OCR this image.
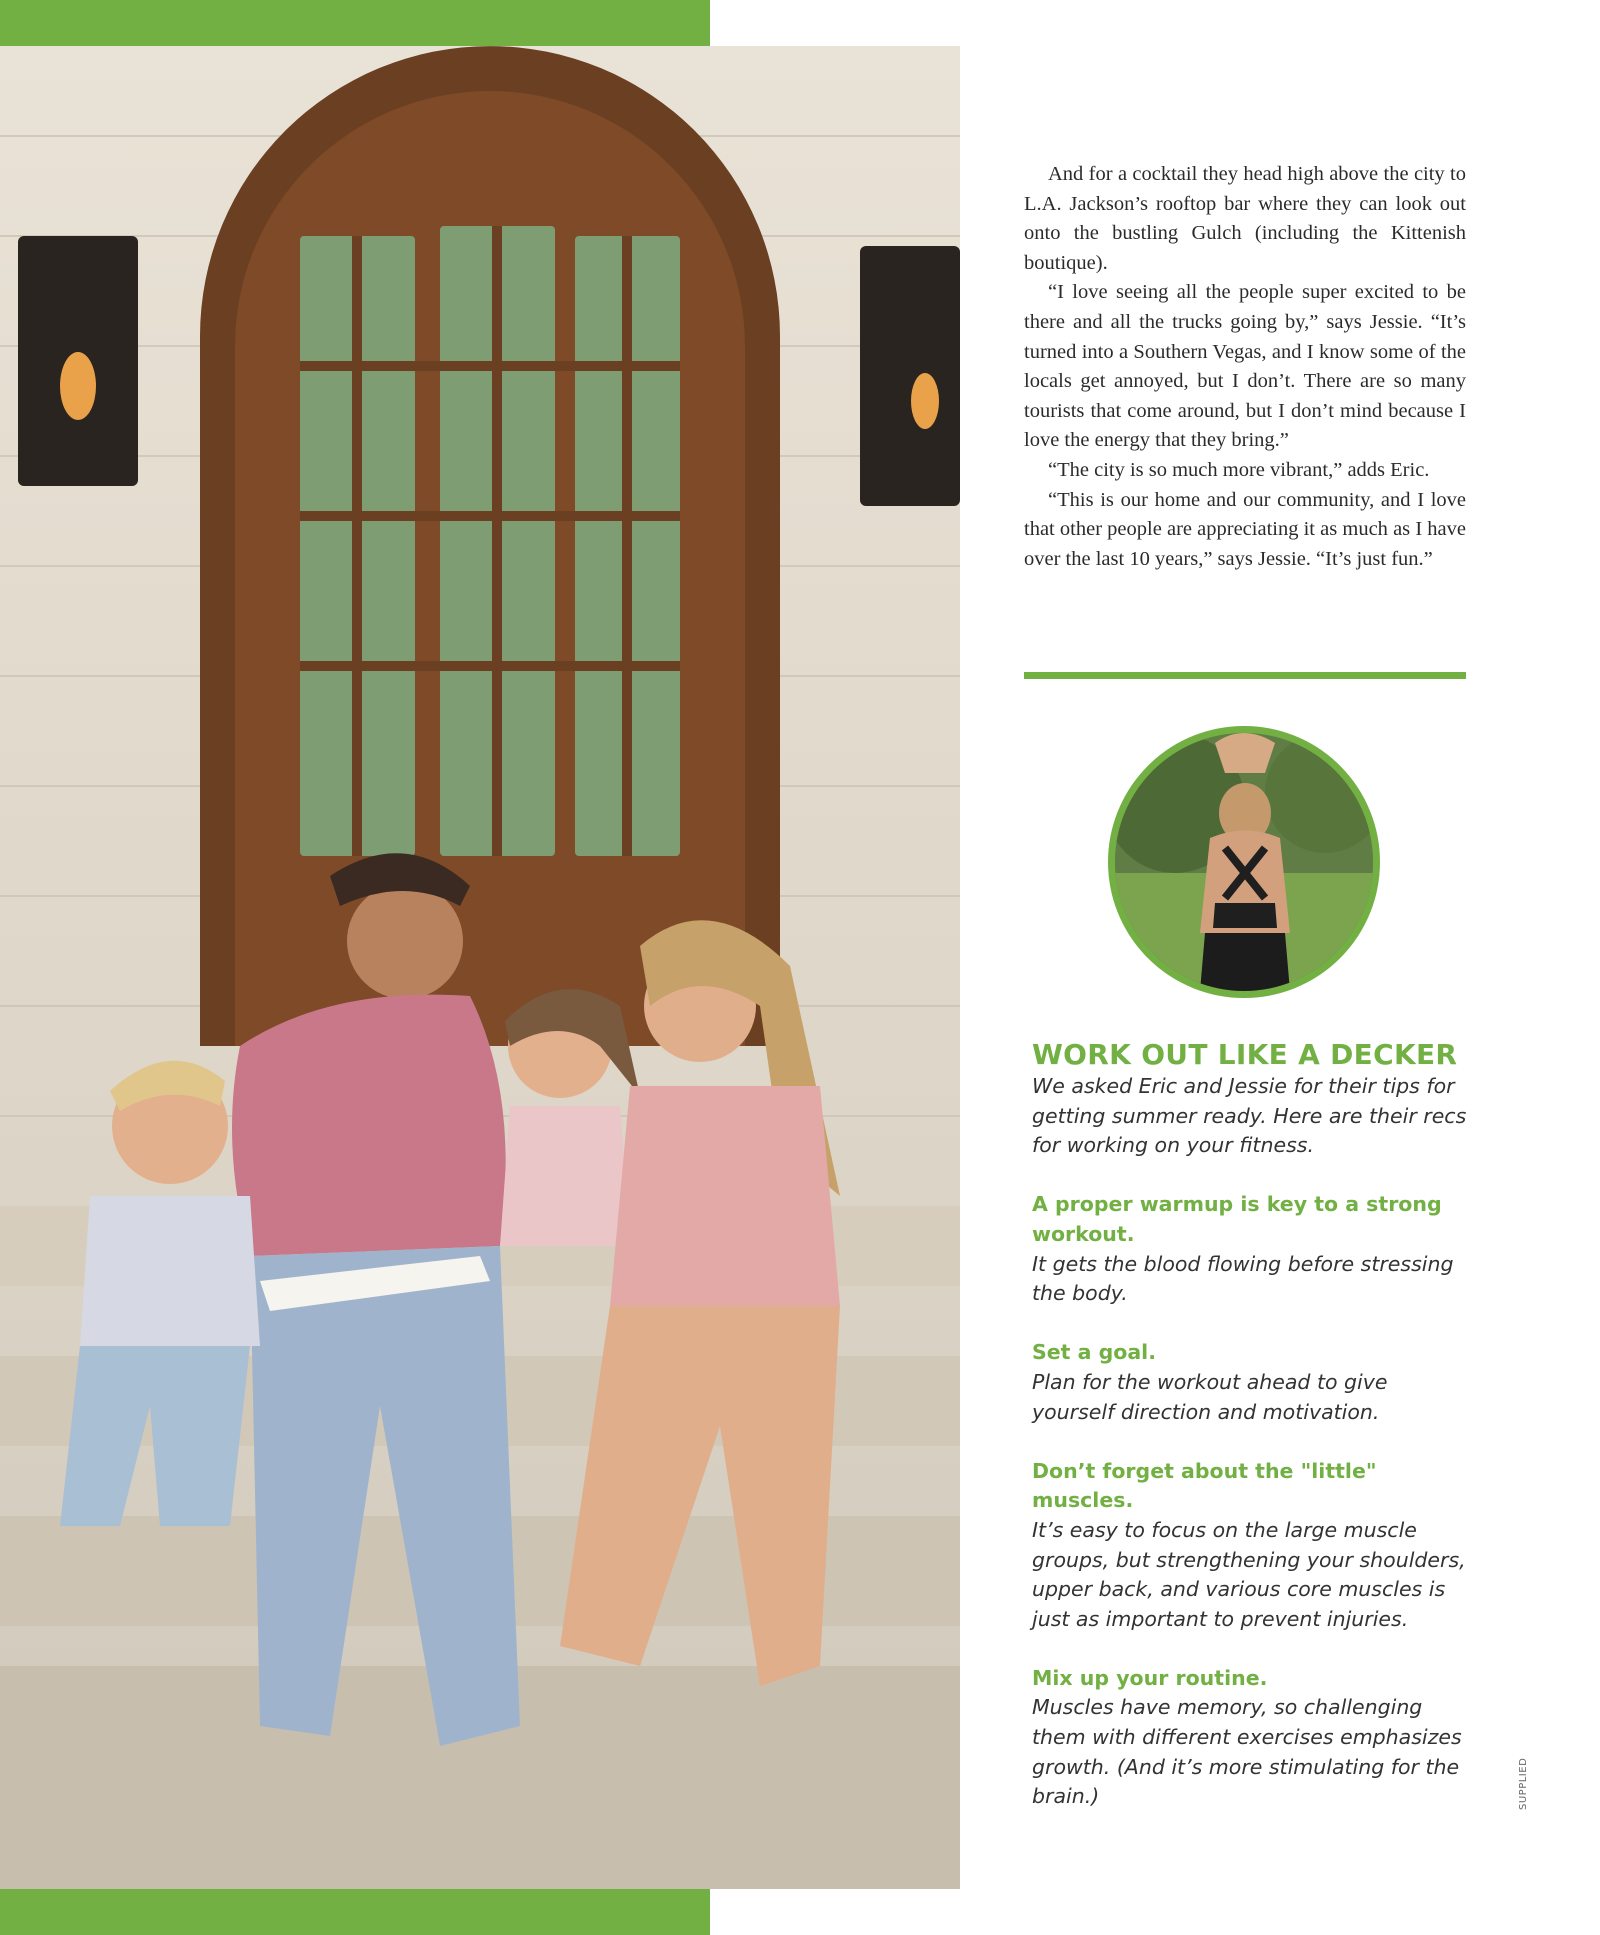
And for a cocktail they head high above the city to L.A. Jackson’s rooftop bar where they can look out onto the bustling Gulch (including the Kittenish boutique).

“I love seeing all the people super excited to be there and all the trucks going by,” says Jessie. “It’s turned into a Southern Vegas, and I know some of the locals get annoyed, but I don’t. There are so many tourists that come around, but I don’t mind because I love the energy that they bring.”

“The city is so much more vibrant,” adds Eric.

“This is our home and our community, and I love that other people are appreciating it as much as I have over the last 10 years,” says Jessie. “It’s just fun.”

WORK OUT LIKE A DECKER

We asked Eric and Jessie for their tips for getting summer ready. Here are their recs for working on your fitness.

A proper warmup is key to a strong workout.

It gets the blood flowing before stressing the body.

Set a goal.

Plan for the workout ahead to give yourself direction and motivation.

Don’t forget about the "little" muscles.

It’s easy to focus on the large muscle groups, but strengthening your shoulders, upper back, and various core muscles is just as important to prevent injuries.

Mix up your routine.

Muscles have memory, so challenging them with different exercises emphasizes growth. (And it’s more stimulating for the brain.)	SUPPLIED
